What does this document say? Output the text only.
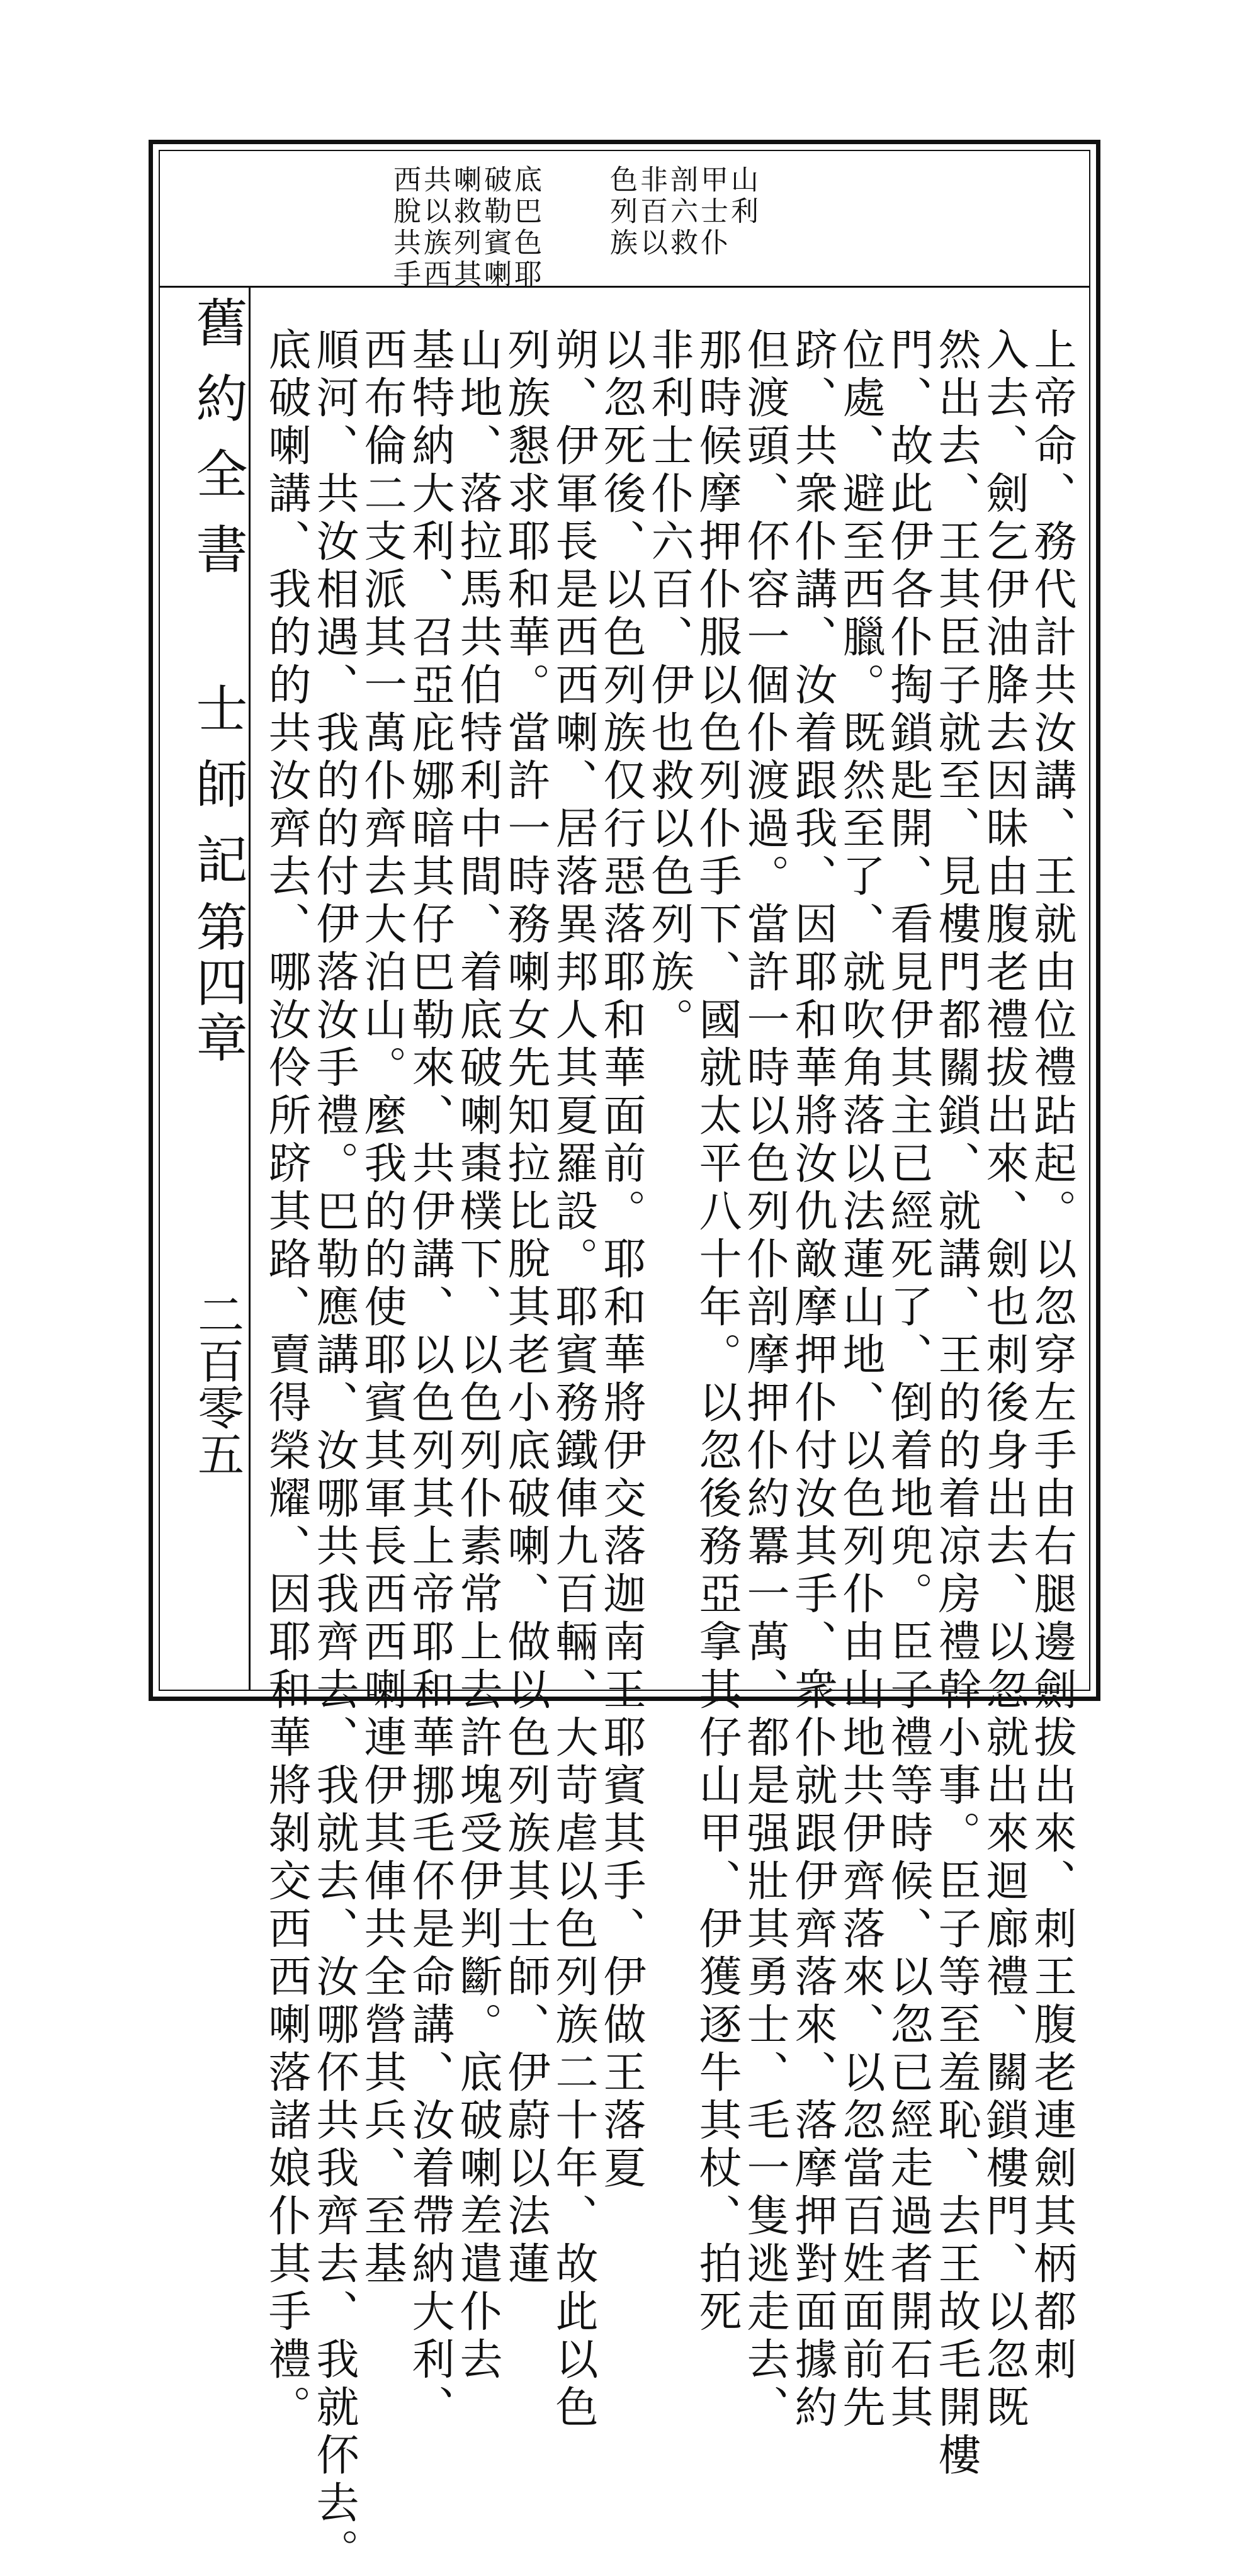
舊約全書 士師記
第四章
二百零五
山利
甲士仆
剖六救
非百以
色列族
底巴色耶
破勒賓喇
喇救列其
共以族西
西脫共手
上帝命、務代計共汝講、王就由位禮跕起。以忽穿左手由右腿邊劍拔出來、刺王腹老連劍其柄都刺
入去、劍乞伊油胮去因昧由腹老禮拔出來、劍也刺後身出去、以忽就出來迴廊禮、關鎖樓門、以忽既
然出去、王其臣子就至、見樓門都關鎖、就講、王的的着凉房禮幹小事。臣子等至羞恥、去王故毛開樓
門、故此伊各仆掏鎖匙開、看見伊其主已經死了、倒着地兜。臣子禮等時候、以忽已經走過者開石其
位處、避至西臘。既然至了、就吹角落以法蓮山地、以色列仆由山地共伊齊落來、以忽當百姓面前先
跻、共衆仆講、汝着跟我、因耶和華將汝仇敵摩押仆付汝其手、衆仆就跟伊齊落來、落摩押對面據約
但渡頭、伓容一個仆渡過。當許一時以色列仆剖摩押仆約羃一萬、都是强壯其勇士、毛一隻逃走去、
那時候摩押仆服以色列仆手下、國就太平八十年。以忽後務亞拿其仔山甲、伊獲逐牛其杖、拍死
非利士仆六百、伊也救以色列族。
以忽死後、以色列族仅行惡落耶和華面前。耶和華將伊交落迦南王耶賓其手、伊做王落夏
朔、伊軍長是西西喇、居落異邦人其夏羅設。耶賓務鐵俥九百輛、大苛虐以色列族二十年、故此以色
列族懇求耶和華。當許一時務喇女先知拉比脫其老小底破喇、做以色列族其士師、伊蔚以法蓮
山地、落拉馬共伯特利中間、着底破喇棗樸下、以色列仆素常上去許塊受伊判斷。底破喇差遣仆去
基特納大利、召亞庇娜暗其仔巴勒來、共伊講、以色列其上帝耶和華挪毛伓是命講、汝着帶納大利、
西布倫二支派其一萬仆齊去大泊山。麼我的的使耶賓其軍長西西喇連伊其俥共全營其兵、至基
順河、共汝相遇、我的的付伊落汝手禮。巴勒應講、汝哪共我齊去、我就去、汝哪伓共我齊去、我就伓去。
底破喇講、我的的共汝齊去、哪汝伶所跻其路、賣得榮耀、因耶和華將剝交西西喇落諸娘仆其手禮。
